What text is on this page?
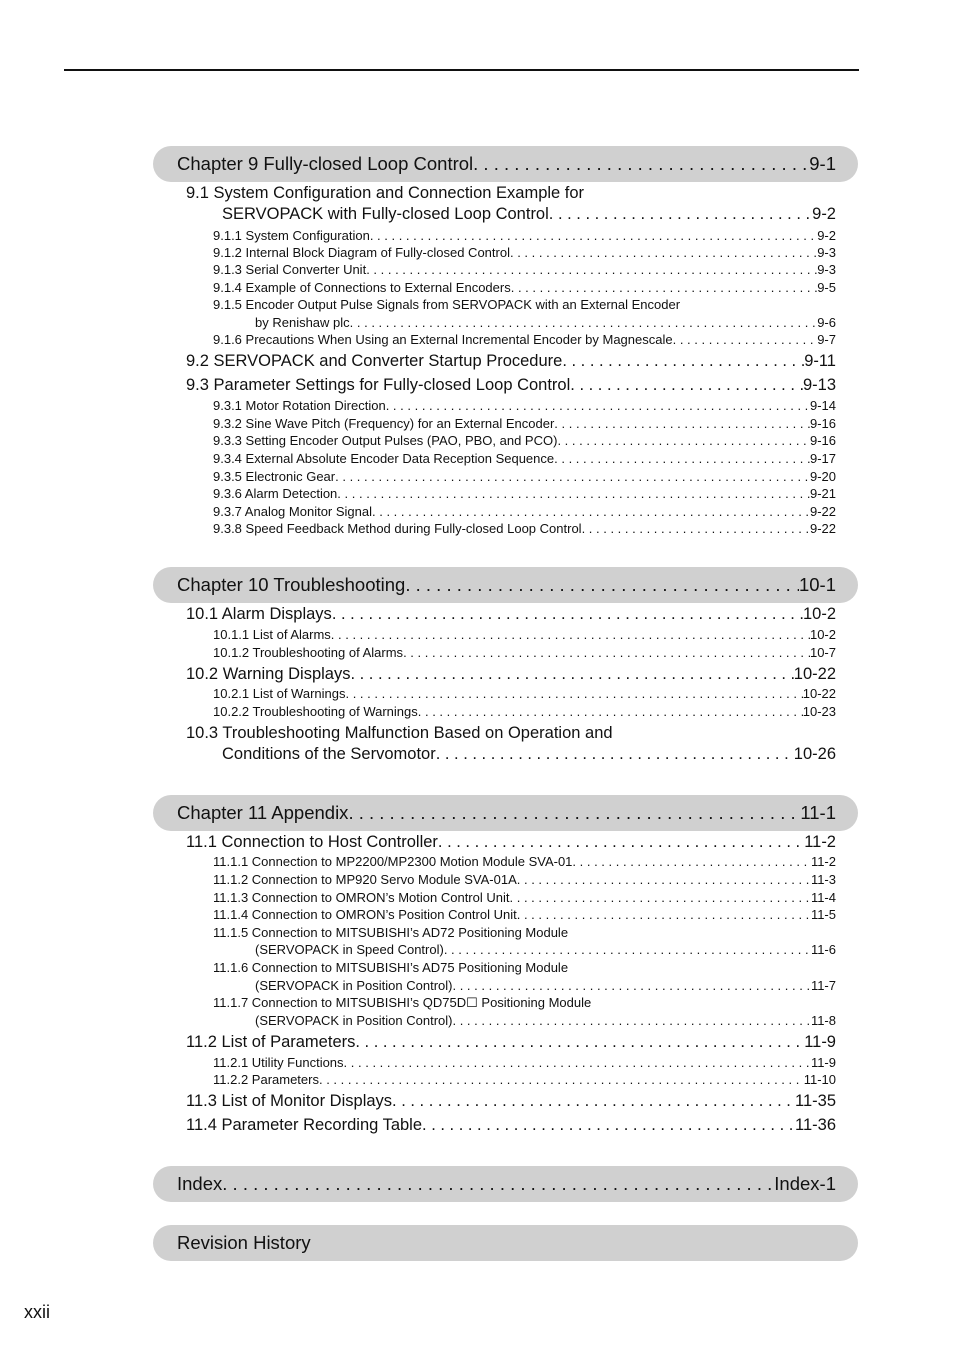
Chapter 9 Fully-closed Loop Control . . .	9-1
9.1 System Configuration and Connection Example for
SERVOPACK with Fully-closed Loop Control . . .	9-2
9.1.1 System Configuration . . .	9-2
9.1.2 Internal Block Diagram of Fully-closed Control . . .	9-3
9.1.3 Serial Converter Unit . . .	9-3
9.1.4 Example of Connections to External Encoders . . .	9-5
9.1.5 Encoder Output Pulse Signals from SERVOPACK with an External Encoder
by Renishaw plc . . .	9-6
9.1.6 Precautions When Using an External Incremental Encoder by Magnescale . . .	9-7
9.2 SERVOPACK and Converter Startup Procedure . . .	9-11
9.3 Parameter Settings for Fully-closed Loop Control . . .	9-13
9.3.1 Motor Rotation Direction . . .	9-14
9.3.2 Sine Wave Pitch (Frequency) for an External Encoder . . .	9-16
9.3.3 Setting Encoder Output Pulses (PAO, PBO, and PCO) . . .	9-16
9.3.4 External Absolute Encoder Data Reception Sequence . . .	9-17
9.3.5 Electronic Gear . . .	9-20
9.3.6 Alarm Detection . . .	9-21
9.3.7 Analog Monitor Signal . . .	9-22
9.3.8 Speed Feedback Method during Fully-closed Loop Control . . .	9-22
Chapter 10 Troubleshooting . . .	10-1
10.1 Alarm Displays . . .	10-2
10.1.1 List of Alarms . . .	10-2
10.1.2 Troubleshooting of Alarms . . .	10-7
10.2 Warning Displays . . .	10-22
10.2.1 List of Warnings . . .	10-22
10.2.2 Troubleshooting of Warnings . . .	10-23
10.3 Troubleshooting Malfunction Based on Operation and
Conditions of the Servomotor . . .	10-26
Chapter 11 Appendix . . .	11-1
11.1 Connection to Host Controller . . .	11-2
11.1.1 Connection to MP2200/MP2300 Motion Module SVA-01 . . .	11-2
11.1.2 Connection to MP920 Servo Module SVA-01A . . .	11-3
11.1.3 Connection to OMRON’s Motion Control Unit . . .	11-4
11.1.4 Connection to OMRON’s Position Control Unit . . .	11-5
11.1.5 Connection to MITSUBISHI’s AD72 Positioning Module
(SERVOPACK in Speed Control) . . .	11-6
11.1.6 Connection to MITSUBISHI’s AD75 Positioning Module
(SERVOPACK in Position Control) . . .	11-7
11.1.7 Connection to MITSUBISHI’s QD75D☐ Positioning Module
(SERVOPACK in Position Control) . . .	11-8
11.2 List of Parameters . . .	11-9
11.2.1 Utility Functions . . .	11-9
11.2.2 Parameters . . .	11-10
11.3 List of Monitor Displays . . .	11-35
11.4 Parameter Recording Table . . .	11-36
Index . . .	Index-1
Revision History
xxii
